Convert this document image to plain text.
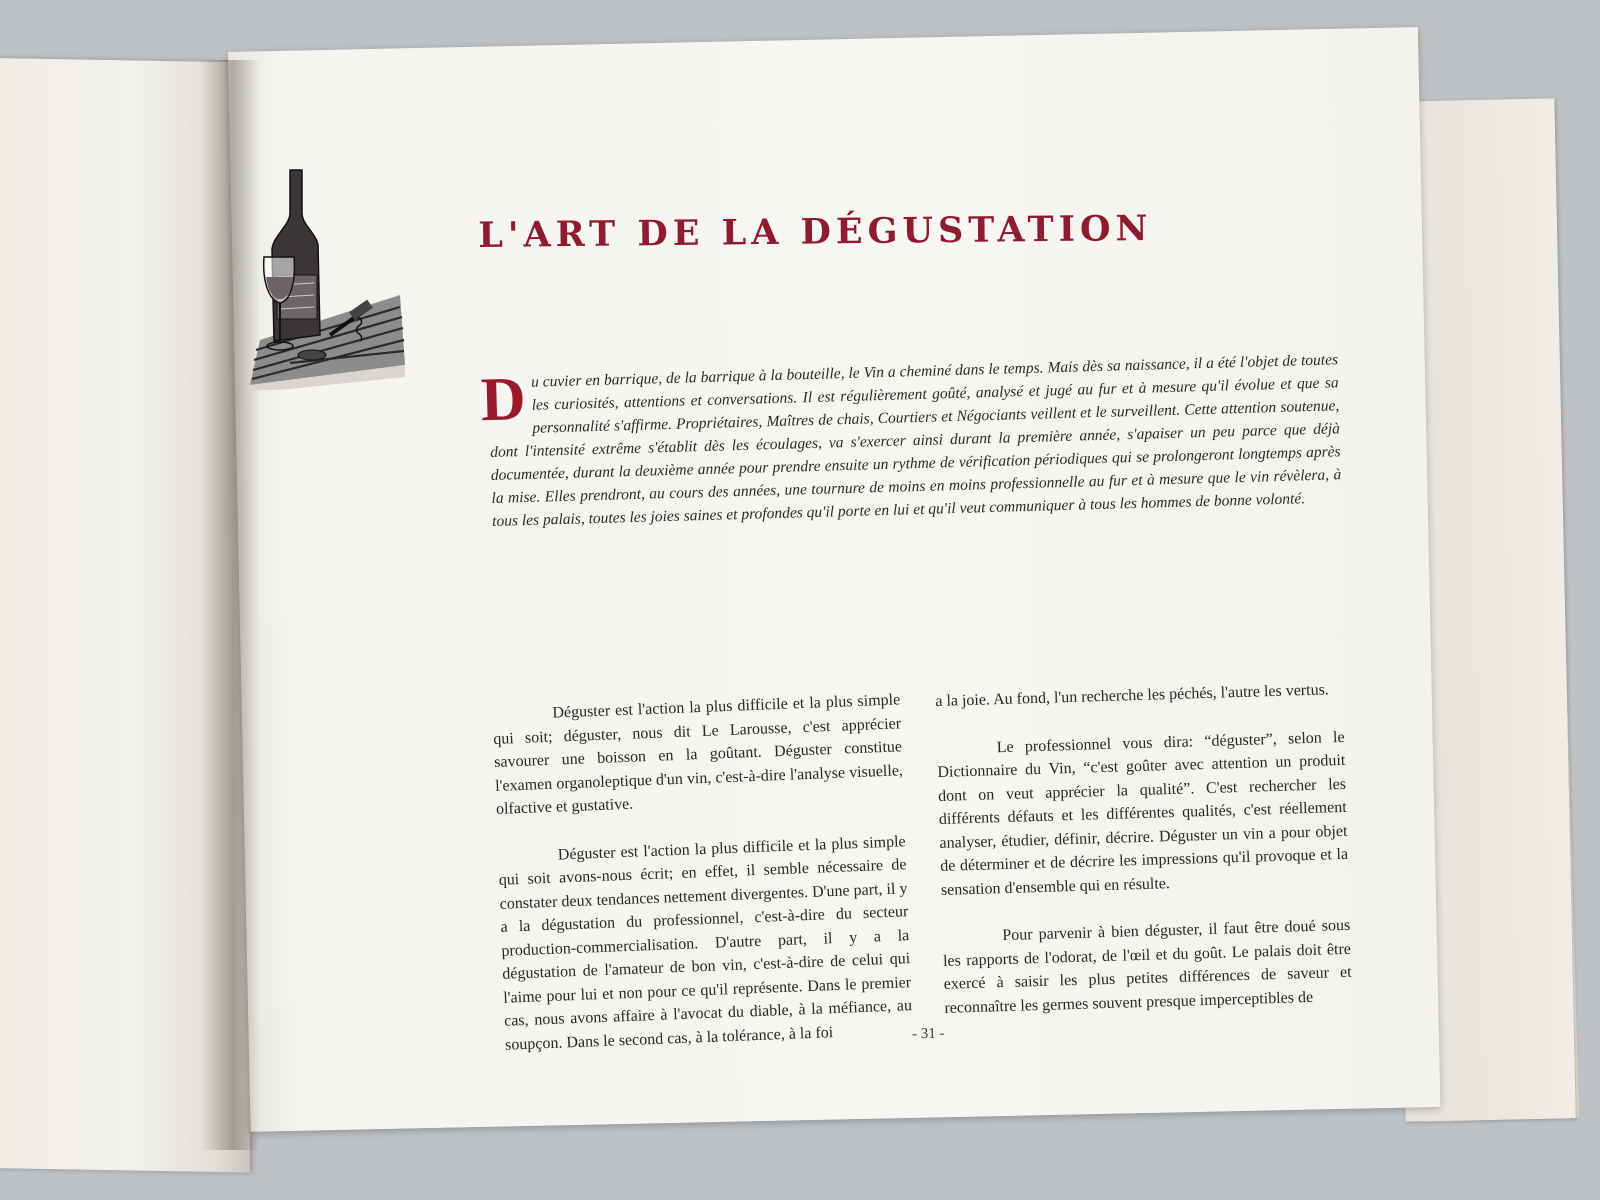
L'ART DE LA DÉGUSTATION
D u cuvier en barrique, de la barrique à la bouteille, le Vin a cheminé dans le temps. Mais dès sa naissance, il a été l'objet de toutes les curiosités, attentions et conversations. Il est régulièrement goûté, analysé et jugé au fur et à mesure qu'il évolue et que sa personnalité s'affirme. Propriétaires, Maîtres de chais, Courtiers et Négociants veillent et le surveillent. Cette attention soutenue, dont l'intensité extrême s'établit dès les écoulages, va s'exercer ainsi durant la première année, s'apaiser un peu parce que déjà documentée, durant la deuxième année pour prendre ensuite un rythme de vérification périodiques qui se prolongeront longtemps après la mise. Elles prendront, au cours des années, une tournure de moins en moins professionnelle au fur et à mesure que le vin révèlera, à tous les palais, toutes les joies saines et profondes qu'il porte en lui et qu'il veut communiquer à tous les hommes de bonne volonté.

Déguster est l'action la plus difficile et la plus simple qui soit; déguster, nous dit Le Larousse, c'est apprécier savourer une boisson en la goûtant. Déguster constitue l'examen organoleptique d'un vin, c'est-à-dire l'analyse visuelle, olfactive et gustative.

Déguster est l'action la plus difficile et la plus simple qui soit avons-nous écrit; en effet, il semble nécessaire de constater deux tendances nettement divergentes. D'une part, il y a la dégustation du professionnel, c'est-à-dire du secteur production-commercialisation. D'autre part, il y a la dégustation de l'amateur de bon vin, c'est-à-dire de celui qui l'aime pour lui et non pour ce qu'il représente. Dans le premier cas, nous avons affaire à l'avocat du diable, à la méfiance, au soupçon. Dans le second cas, à la tolérance, à la foi

a la joie. Au fond, l'un recherche les péchés, l'autre les vertus.

Le professionnel vous dira: “déguster”, selon le Dictionnaire du Vin, “c'est goûter avec attention un produit dont on veut apprécier la qualité”. C'est rechercher les différents défauts et les différentes qualités, c'est réellement analyser, étudier, définir, décrire. Déguster un vin a pour objet de déterminer et de décrire les impressions qu'il provoque et la sensation d'ensemble qui en résulte.

Pour parvenir à bien déguster, il faut être doué sous les rapports de l'odorat, de l'œil et du goût. Le palais doit être exercé à saisir les plus petites différences de saveur et reconnaître les germes souvent presque imperceptibles de

- 31 -
